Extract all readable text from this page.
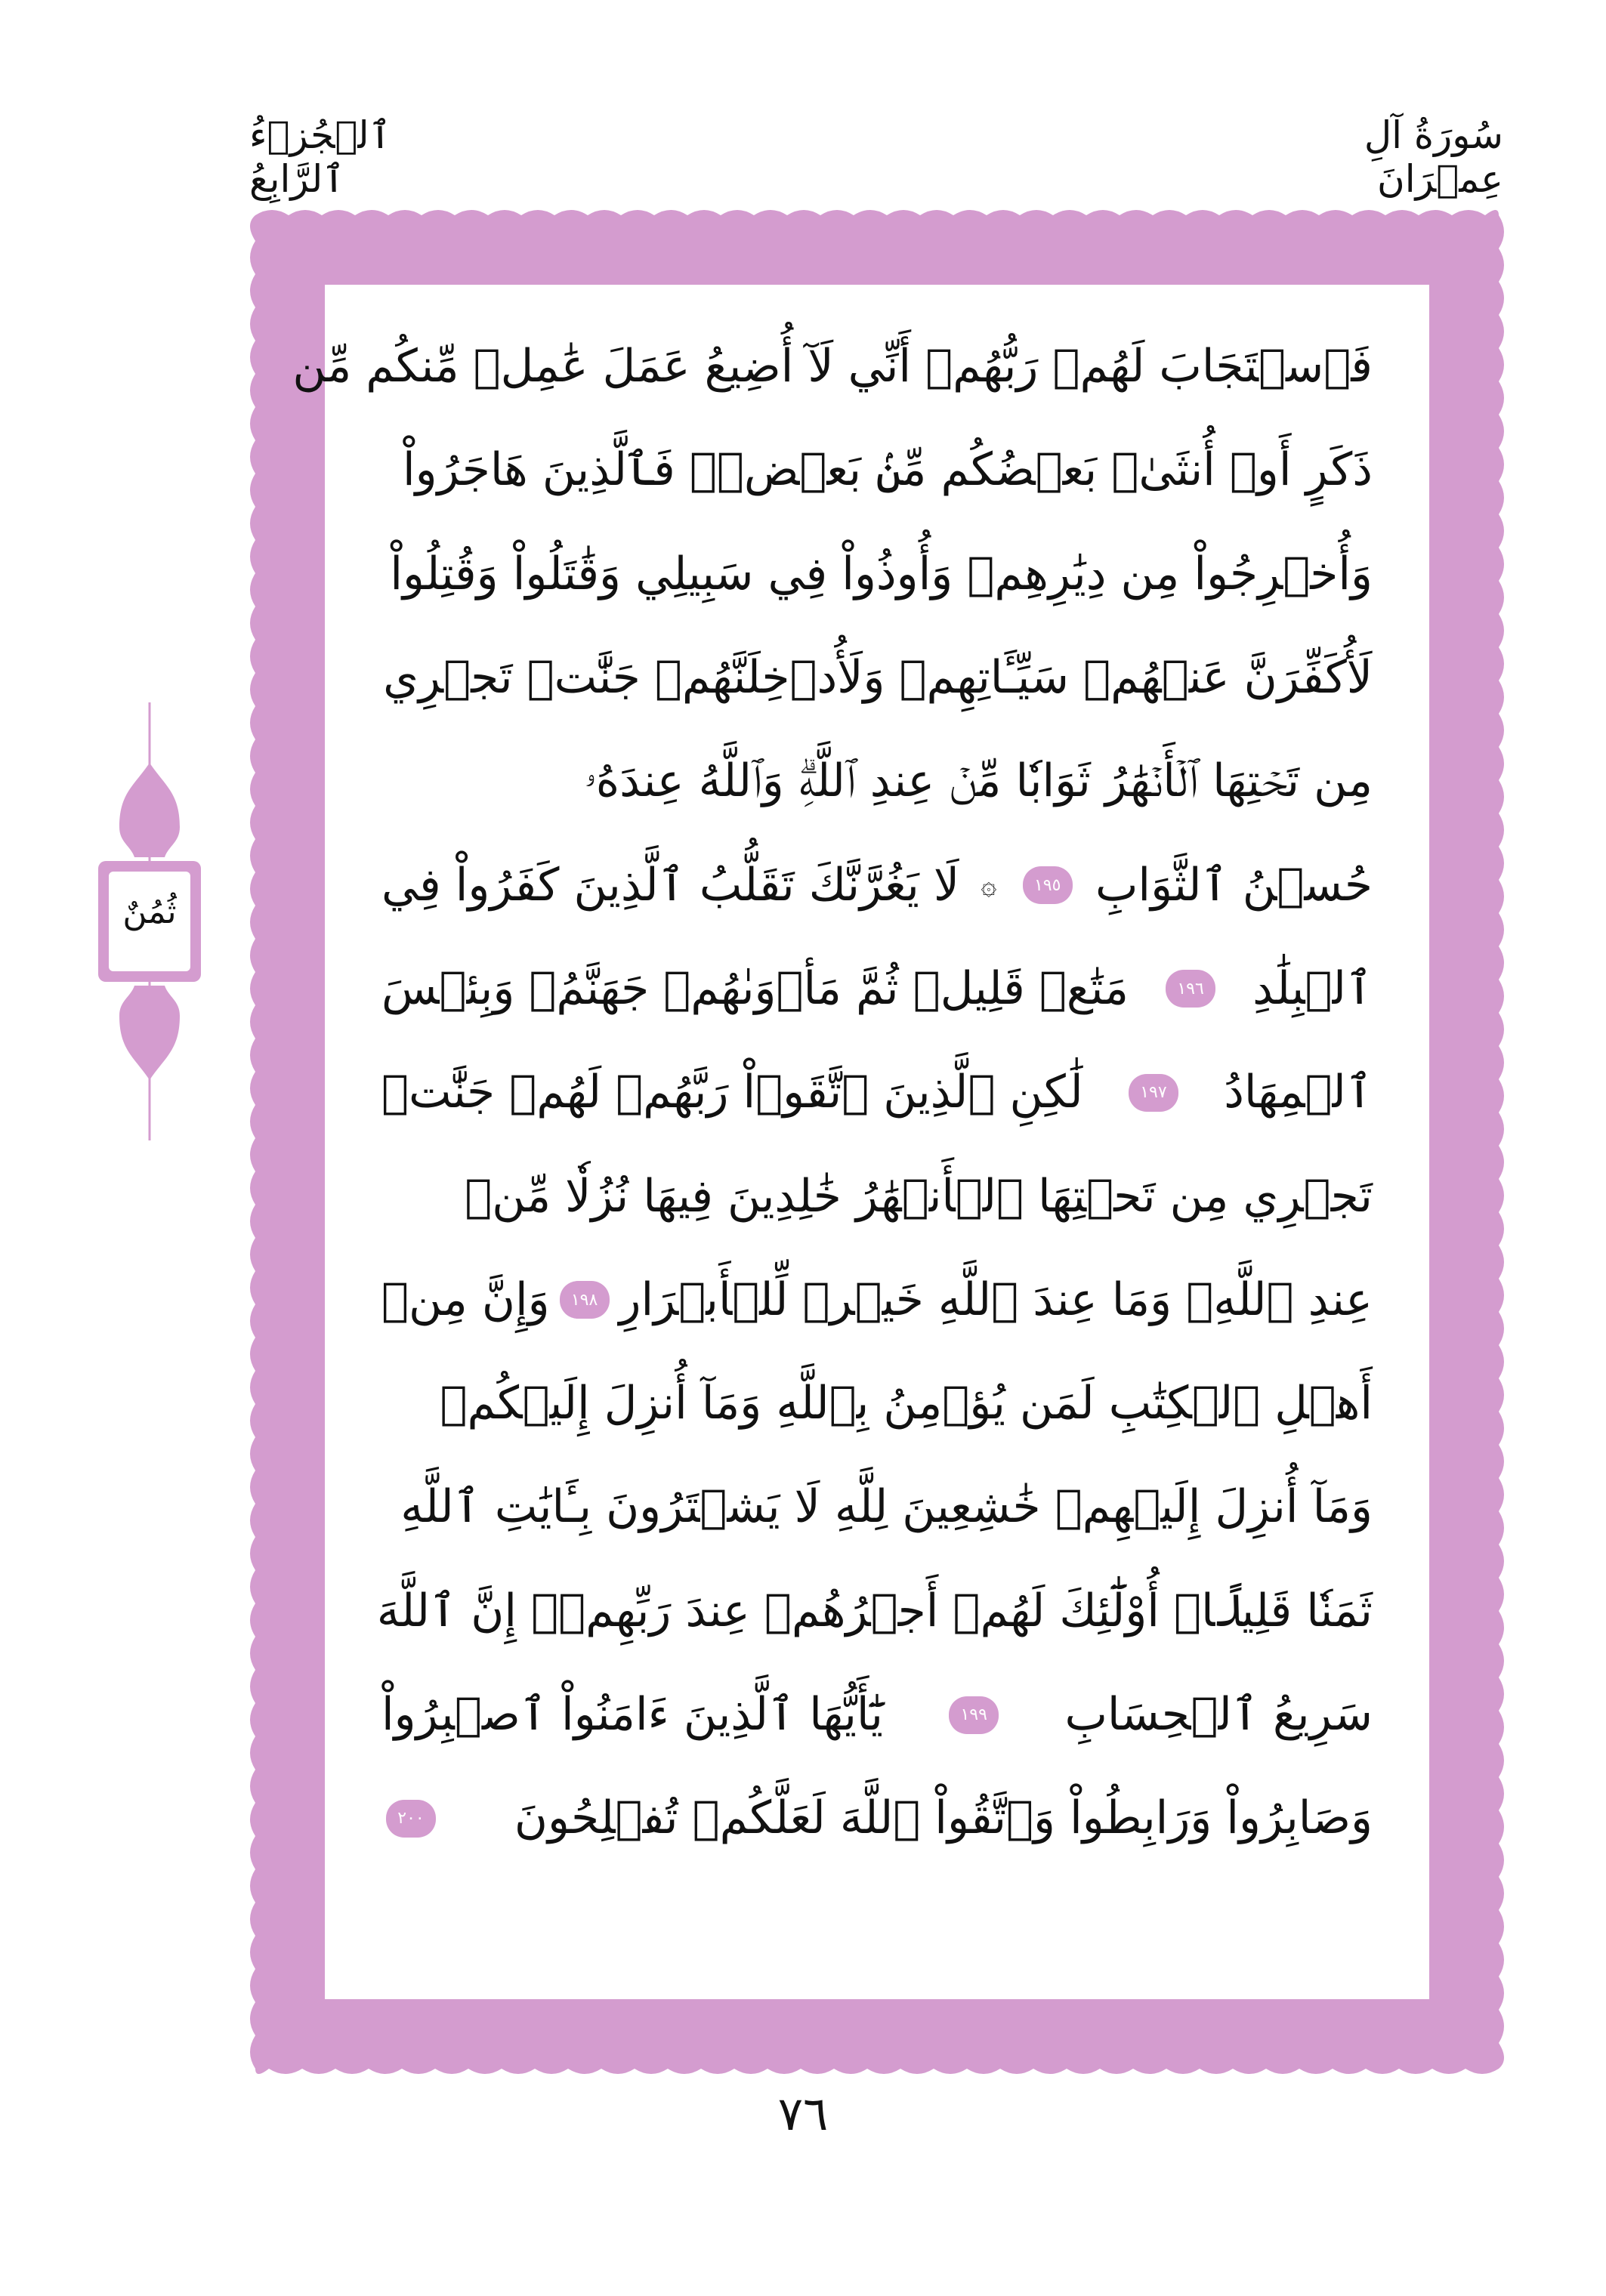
سُورَةُ آلِ عِمۡرَانَ
ٱلۡجُزۡءُ ٱلرَّابِعُ
فَٱسۡتَجَابَ لَهُمۡ رَبُّهُمۡ أَنِّي لَآ أُضِيعُ عَمَلَ عَٰمِلٖ مِّنكُم مِّن
ذَكَرٍ أَوۡ أُنثَىٰۖ بَعۡضُكُم مِّنۢ بَعۡضٖۖ فَٱلَّذِينَ هَاجَرُواْ
وَأُخۡرِجُواْ مِن دِيَٰرِهِمۡ وَأُوذُواْ فِي سَبِيلِي وَقَٰتَلُواْ وَقُتِلُواْ
لَأُكَفِّرَنَّ عَنۡهُمۡ سَيِّـَٔاتِهِمۡ وَلَأُدۡخِلَنَّهُمۡ جَنَّٰتٖ تَجۡرِي
مِن تَحۡتِهَا ٱلۡأَنۡهَٰرُ ثَوَابٗا مِّنۡ عِندِ ٱللَّهِۗ وَٱللَّهُ عِندَهُۥ
حُسۡنُ ٱلثَّوَابِ
١٩٥
۞
لَا يَغُرَّنَّكَ تَقَلُّبُ ٱلَّذِينَ كَفَرُواْ فِي
ٱلۡبِلَٰدِ
١٩٦
مَتَٰعٞ قَلِيلٞ ثُمَّ مَأۡوَىٰهُمۡ جَهَنَّمُۖ وَبِئۡسَ
ٱلۡمِهَادُ
١٩٧
لَٰكِنِ ٱلَّذِينَ ٱتَّقَوۡاْ رَبَّهُمۡ لَهُمۡ جَنَّٰتٞ
تَجۡرِي مِن تَحۡتِهَا ٱلۡأَنۡهَٰرُ خَٰلِدِينَ فِيهَا نُزُلٗا مِّنۡ
عِندِ ٱللَّهِۗ وَمَا عِندَ ٱللَّهِ خَيۡرٞ لِّلۡأَبۡرَارِ
١٩٨
وَإِنَّ مِنۡ
أَهۡلِ ٱلۡكِتَٰبِ لَمَن يُؤۡمِنُ بِٱللَّهِ وَمَآ أُنزِلَ إِلَيۡكُمۡ
وَمَآ أُنزِلَ إِلَيۡهِمۡ خَٰشِعِينَ لِلَّهِ لَا يَشۡتَرُونَ بِـَٔايَٰتِ ٱللَّهِ
ثَمَنٗا قَلِيلًاۗ أُوْلَٰٓئِكَ لَهُمۡ أَجۡرُهُمۡ عِندَ رَبِّهِمۡۗ إِنَّ ٱللَّهَ
سَرِيعُ ٱلۡحِسَابِ
١٩٩
يَٰٓأَيُّهَا ٱلَّذِينَ ءَامَنُواْ ٱصۡبِرُواْ
وَصَابِرُواْ وَرَابِطُواْ وَٱتَّقُواْ ٱللَّهَ لَعَلَّكُمۡ تُفۡلِحُونَ
٢٠٠
ثُمُنٌ
٧٦
